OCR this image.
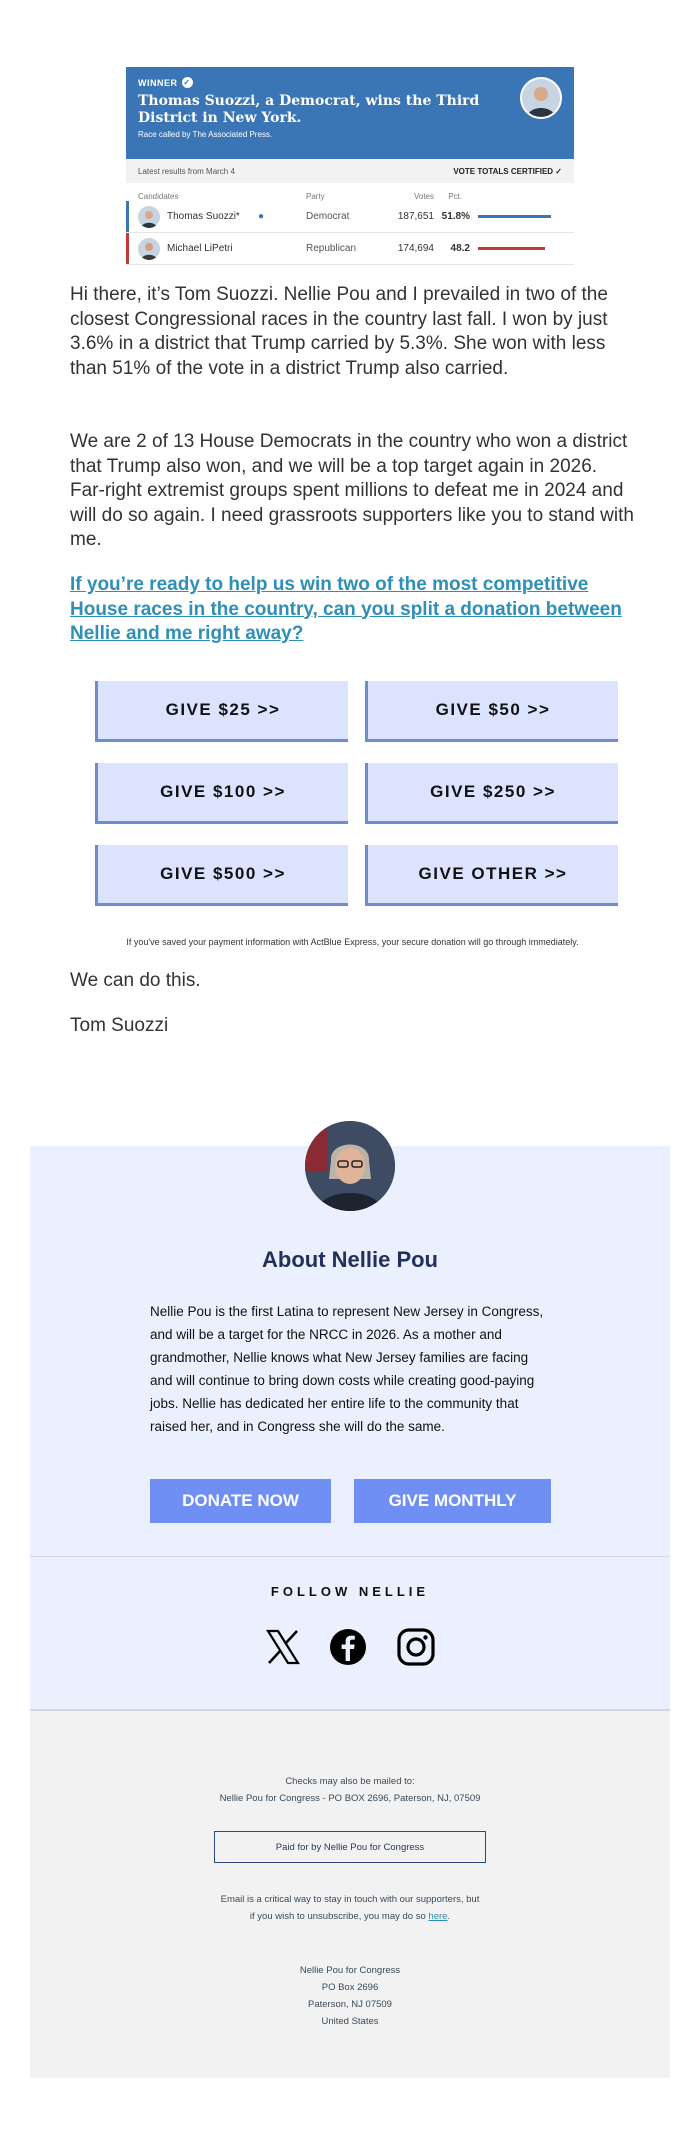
WINNER ✓
Thomas Suozzi, a Democrat, wins the Third District in New York.
Race called by The Associated Press.
Latest results from March 4	VOTE TOTALS CERTIFIED ✓
Candidates	Party	Votes	Pct.
Thomas Suozzi*	●	Democrat	187,651 51.8%
Michael LiPetri	Republican	174,694	48.2

Hi there, it’s Tom Suozzi. Nellie Pou and I prevailed in two of the closest Congressional races in the country last fall. I won by just 3.6% in a district that Trump carried by 5.3%. She won with less than 51% of the vote in a district Trump also carried.

We are 2 of 13 House Democrats in the country who won a district that Trump also won, and we will be a top target again in 2026. Far-right extremist groups spent millions to defeat me in 2024 and will do so again. I need grassroots supporters like you to stand with me.

If you’re ready to help us win two of the most competitive House races in the country, can you split a donation between Nellie and me right away?
GIVE $25 >>	GIVE $50 >>
GIVE $100 >>	GIVE $250 >>
GIVE $500 >>	GIVE OTHER >>
If you've saved your payment information with ActBlue Express, your secure donation will go through immediately.
We can do this.
Tom Suozzi
About Nellie Pou

Nellie Pou is the first Latina to represent New Jersey in Congress, and will be a target for the NRCC in 2026. As a mother and grandmother, Nellie knows what New Jersey families are facing and will continue to bring down costs while creating good-paying jobs. Nellie has dedicated her entire life to the community that raised her, and in Congress she will do the same.

DONATE NOW	GIVE MONTHLY
FOLLOW NELLIE

Checks may also be mailed to:
Nellie Pou for Congress - PO BOX 2696, Paterson, NJ, 07509

Paid for by Nellie Pou for Congress

Email is a critical way to stay in touch with our supporters, but if you wish to unsubscribe, you may do so here.

Nellie Pou for Congress
PO Box 2696
Paterson, NJ 07509
United States
